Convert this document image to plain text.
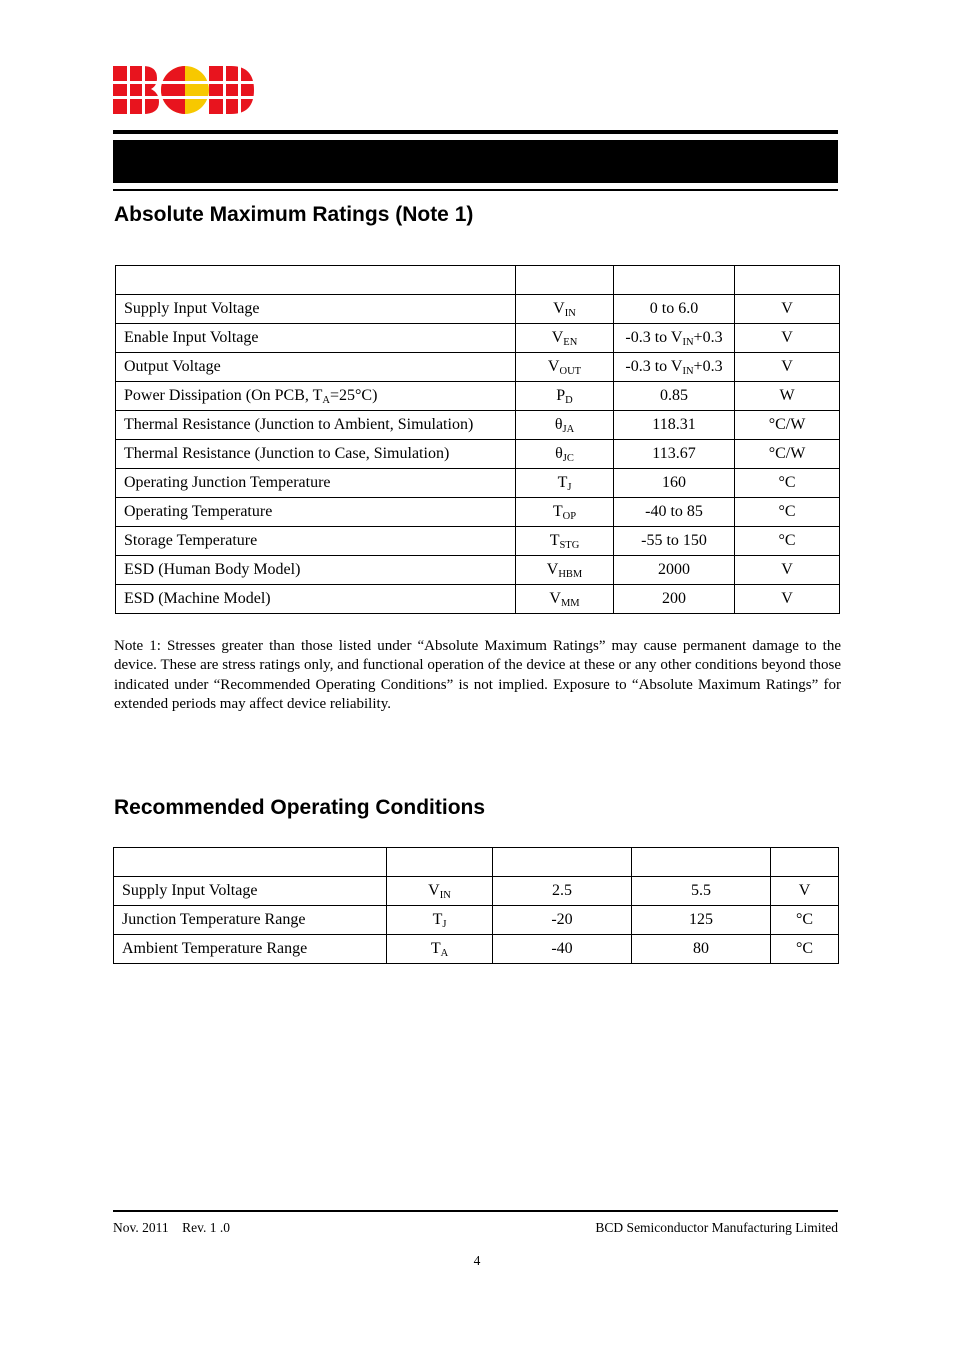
Absolute Maximum Ratings (Note 1)

Supply Input Voltage	$V_{IN}$	0 to 6.0	V
Enable Input Voltage	$V_{EN}$	-0.3 to $V_{IN}+0.3$	V
Output Voltage	$V_{OUT}$	-0.3 to $V_{IN}+0.3$	V
Power Dissipation (On PCB, $T_A=25^\circ C$)	$P_D$	0.85	W
Thermal Resistance (Junction to Ambient, Simulation)	$\theta_{JA}$	118.31	°C/W
Thermal Resistance (Junction to Case, Simulation)	$\theta_{JC}$	113.67	°C/W
Operating Junction Temperature	$T_J$	160	°C
Operating Temperature	$T_{OP}$	-40 to 85	°C
Storage Temperature	$T_{STG}$	-55 to 150	°C
ESD (Human Body Model)	$V_{HBM}$	2000	V
ESD (Machine Model)	$V_{MM}$	200	V
Note 1: Stresses greater than those listed under “Absolute Maximum Ratings” may cause permanent damage to the device. These are stress ratings only, and functional operation of the device at these or any other conditions beyond those indicated under “Recommended Operating Conditions” is not implied. Exposure to “Absolute Maximum Ratings” for extended periods may affect device reliability.
Recommended Operating Conditions

Supply Input Voltage	$V_{IN}$	2.5	5.5	V
Junction Temperature Range	$T_J$	-20	125	°C
Ambient Temperature Range	$T_A$	-40	80	°C
Nov. 2011 Rev. 1 .0	BCD Semiconductor Manufacturing Limited
4
